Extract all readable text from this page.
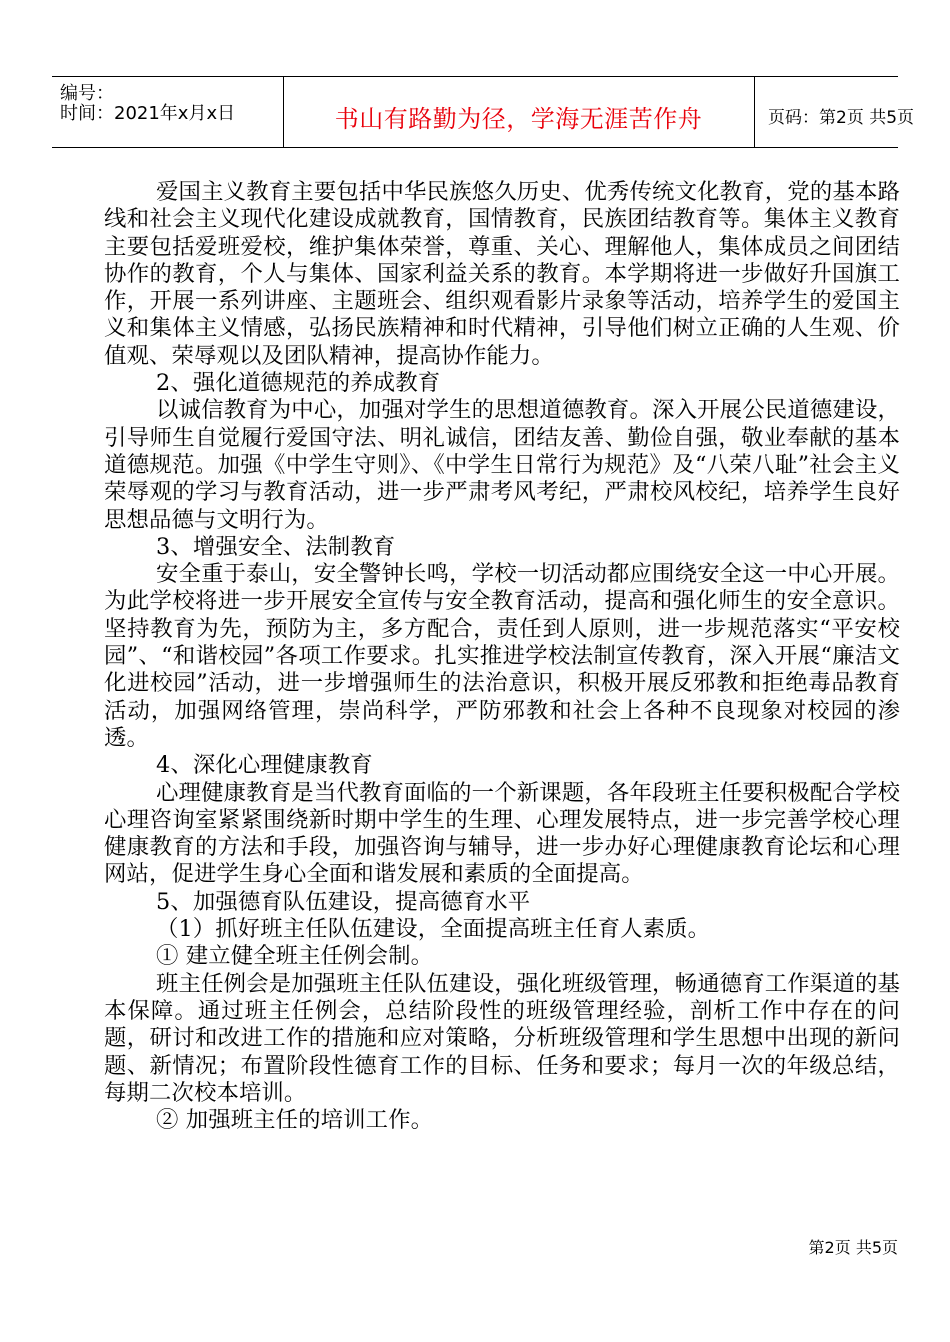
编号：
时间：2021年x月x日	书山有路勤为径，学海无涯苦作舟	页码：第2页 共5页

爱国主义教育主要包括中华民族悠久历史、优秀传统文化教育，党的基本路线和社会主义现代化建设成就教育，国情教育，民族团结教育等。集体主义教育主要包括爱班爱校，维护集体荣誉，尊重、关心、理解他人，集体成员之间团结协作的教育，个人与集体、国家利益关系的教育。本学期将进一步做好升国旗工作，开展一系列讲座、主题班会、组织观看影片录象等活动，培养学生的爱国主义和集体主义情感，弘扬民族精神和时代精神，引导他们树立正确的人生观、价值观、荣辱观以及团队精神，提高协作能力。

2、强化道德规范的养成教育

以诚信教育为中心，加强对学生的思想道德教育。深入开展公民道德建设，引导师生自觉履行爱国守法、明礼诚信，团结友善、勤俭自强，敬业奉献的基本道德规范。加强《中学生守则》、《中学生日常行为规范》及“八荣八耻”社会主义荣辱观的学习与教育活动，进一步严肃考风考纪，严肃校风校纪，培养学生良好思想品德与文明行为。

3、增强安全、法制教育

安全重于泰山，安全警钟长鸣，学校一切活动都应围绕安全这一中心开展。为此学校将进一步开展安全宣传与安全教育活动，提高和强化师生的安全意识。坚持教育为先，预防为主，多方配合，责任到人原则，进一步规范落实“平安校园”、“和谐校园”各项工作要求。扎实推进学校法制宣传教育，深入开展“廉洁文化进校园”活动，进一步增强师生的法治意识，积极开展反邪教和拒绝毒品教育活动，加强网络管理，崇尚科学，严防邪教和社会上各种不良现象对校园的渗透。

4、深化心理健康教育

心理健康教育是当代教育面临的一个新课题，各年段班主任要积极配合学校心理咨询室紧紧围绕新时期中学生的生理、心理发展特点，进一步完善学校心理健康教育的方法和手段，加强咨询与辅导，进一步办好心理健康教育论坛和心理网站，促进学生身心全面和谐发展和素质的全面提高。

5、加强德育队伍建设，提高德育水平

（1）抓好班主任队伍建设，全面提高班主任育人素质。

① 建立健全班主任例会制。

班主任例会是加强班主任队伍建设，强化班级管理，畅通德育工作渠道的基本保障。通过班主任例会，总结阶段性的班级管理经验，剖析工作中存在的问题，研讨和改进工作的措施和应对策略，分析班级管理和学生思想中出现的新问题、新情况；布置阶段性德育工作的目标、任务和要求；每月一次的年级总结，每期二次校本培训。

② 加强班主任的培训工作。

第2页 共5页
